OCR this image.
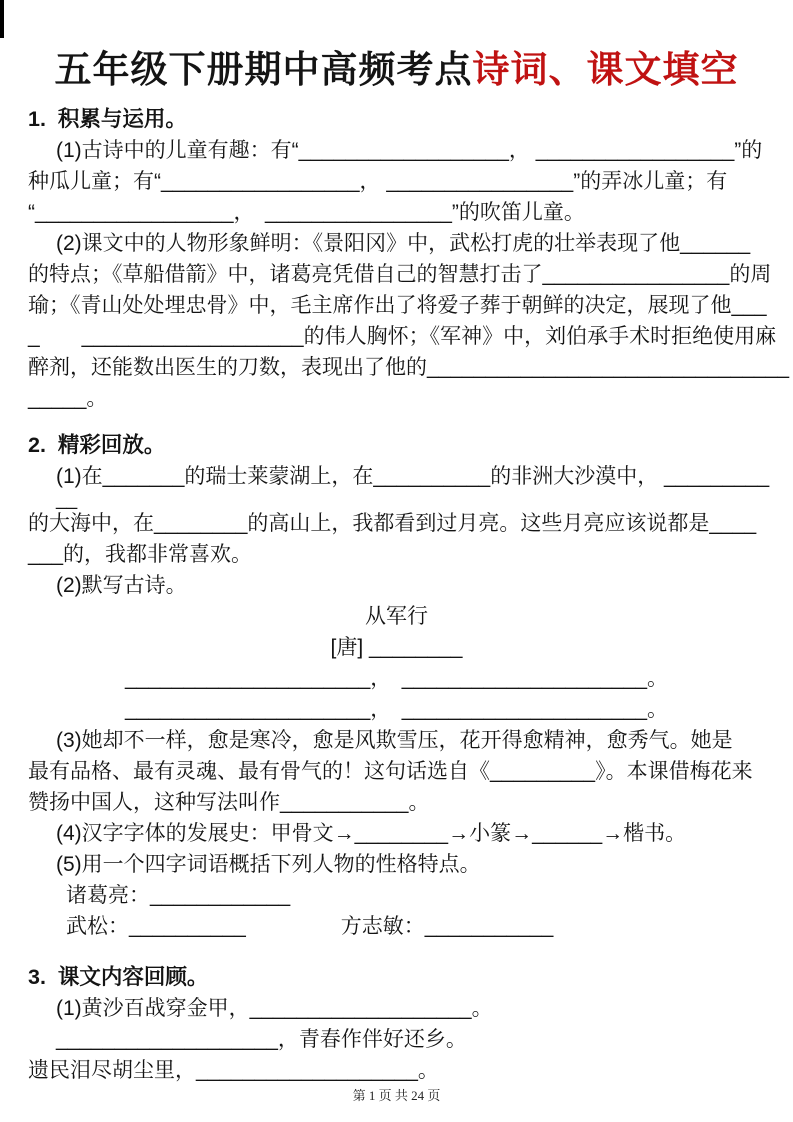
五年级下册期中高频考点诗词、课文填空
1.  积累与运用。
(1)古诗中的儿童有趣：有“__________________， _________________”的
种瓜儿童；有“_________________， ________________”的弄冰儿童；有
“_________________，　________________”的吹笛儿童。
(2)课文中的人物形象鲜明：《景阳冈》中，武松打虎的壮举表现了他______
的特点；《草船借箭》中，诸葛亮凭借自己的智慧打击了________________的周
瑜；《青山处处埋忠骨》中，毛主席作出了将爱子葬于朝鲜的决定，展现了他___
_　　___________________的伟人胸怀；《军神》中，刘伯承手术时拒绝使用麻
醉剂，还能数出医生的刀数，表现出了他的_______________________________
_____。
2.  精彩回放。
(1)在_______的瑞士莱蒙湖上，在__________的非洲大沙漠中， _________
__
的大海中，在________的高山上，我都看到过月亮。这些月亮应该说都是____
___的，我都非常喜欢。
(2)默写古诗。
从军行
[唐] ________
_____________________，　_____________________。
_____________________，　_____________________。
(3)她却不一样，愈是寒冷，愈是风欺雪压，花开得愈精神，愈秀气。她是
最有品格、最有灵魂、最有骨气的！这句话选自《_________》。本课借梅花来
赞扬中国人，这种写法叫作___________。
(4)汉字字体的发展史：甲骨文→________→小篆→______→楷书。
(5)用一个四字词语概括下列人物的性格特点。
诸葛亮：____________
武松：__________	方志敏：___________
3.  课文内容回顾。
(1)黄沙百战穿金甲，___________________。
___________________，青春作伴好还乡。
遗民泪尽胡尘里，___________________。
第 1 页 共 24 页
